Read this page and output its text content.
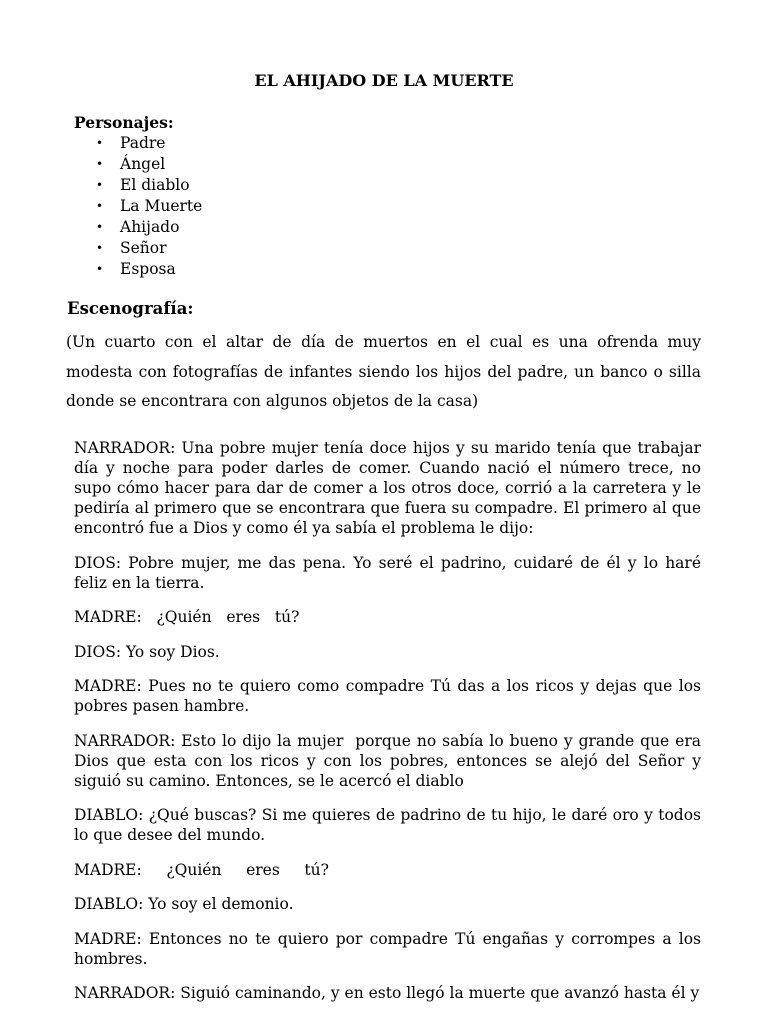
EL AHIJADO DE LA MUERTE
Personajes:
• Padre
• Ángel
• El diablo
• La Muerte
• Ahijado
• Señor
• Esposa
Escenografía:

(Un cuarto con el altar de día de muertos en el cual es una ofrenda muy modesta con fotografías de infantes siendo los hijos del padre, un banco o silla donde se encontrara con algunos objetos de la casa)

NARRADOR: Una pobre mujer tenía doce hijos y su marido tenía que trabajar día y noche para poder darles de comer. Cuando nació el número trece, no supo cómo hacer para dar de comer a los otros doce, corrió a la carretera y le pediría al primero que se encontrara que fuera su compadre. El primero al que encontró fue a Dios y como él ya sabía el problema le dijo:

DIOS: Pobre mujer, me das pena. Yo seré el padrino, cuidaré de él y lo haré feliz en la tierra.

MADRE:   ¿Quién   eres   tú?

DIOS: Yo soy Dios.

MADRE: Pues no te quiero como compadre Tú das a los ricos y dejas que los pobres pasen hambre.

NARRADOR: Esto lo dijo la mujer  porque no sabía lo bueno y grande que era Dios que esta con los ricos y con los pobres, entonces se alejó del Señor y siguió su camino. Entonces, se le acercó el diablo

DIABLO: ¿Qué buscas? Si me quieres de padrino de tu hijo, le daré oro y todos lo que desee del mundo.

MADRE:     ¿Quién     eres     tú?

DIABLO: Yo soy el demonio.

MADRE: Entonces no te quiero por compadre Tú engañas y corrompes a los hombres.

NARRADOR: Siguió caminando, y en esto llegó la muerte que avanzó hasta él y
